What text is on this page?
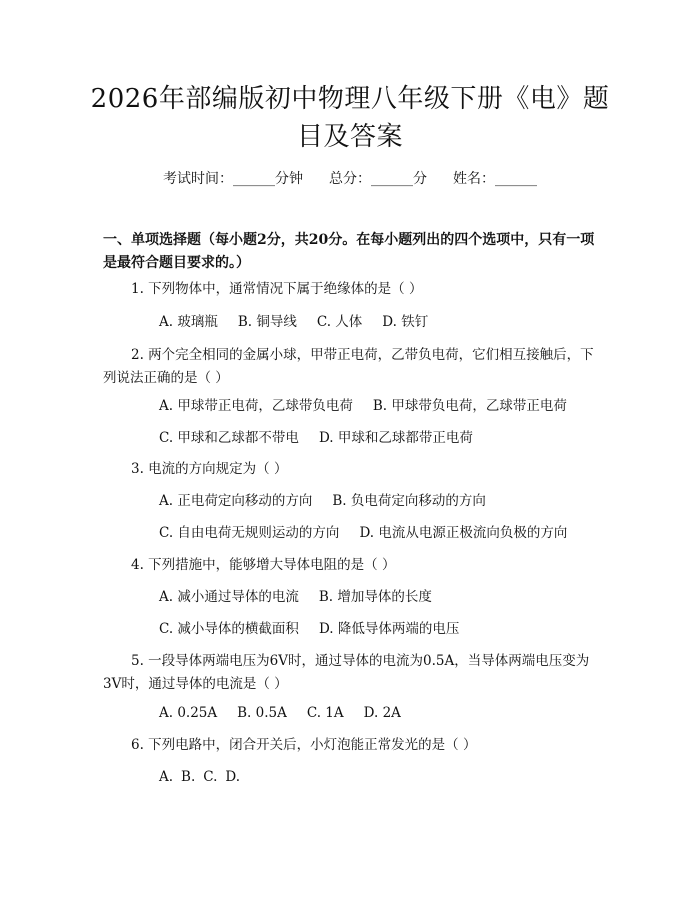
2026年部编版初中物理八年级下册《电》题
目及答案
考试时间：______分钟 总分：______分 姓名：______
一、单项选择题（每小题2分，共20分。在每小题列出的四个选项中，只有一项
是最符合题目要求的。）
1. 下列物体中，通常情况下属于绝缘体的是（ ）
A. 玻璃瓶 B. 铜导线 C. 人体 D. 铁钉
2. 两个完全相同的金属小球，甲带正电荷，乙带负电荷，它们相互接触后，下列说法正确的是（ ）
A. 甲球带正电荷，乙球带负电荷 B. 甲球带负电荷，乙球带正电荷
C. 甲球和乙球都不带电 D. 甲球和乙球都带正电荷
3. 电流的方向规定为（ ）
A. 正电荷定向移动的方向 B. 负电荷定向移动的方向
C. 自由电荷无规则运动的方向 D. 电流从电源正极流向负极的方向
4. 下列措施中，能够增大导体电阻的是（ ）
A. 减小通过导体的电流 B. 增加导体的长度
C. 减小导体的横截面积 D. 降低导体两端的电压
5. 一段导体两端电压为6V时，通过导体的电流为0.5A，当导体两端电压变为3V时，通过导体的电流是（ ）
A. 0.25A B. 0.5A C. 1A D. 2A
6. 下列电路中，闭合开关后，小灯泡能正常发光的是（ ）
A. B. C. D.
